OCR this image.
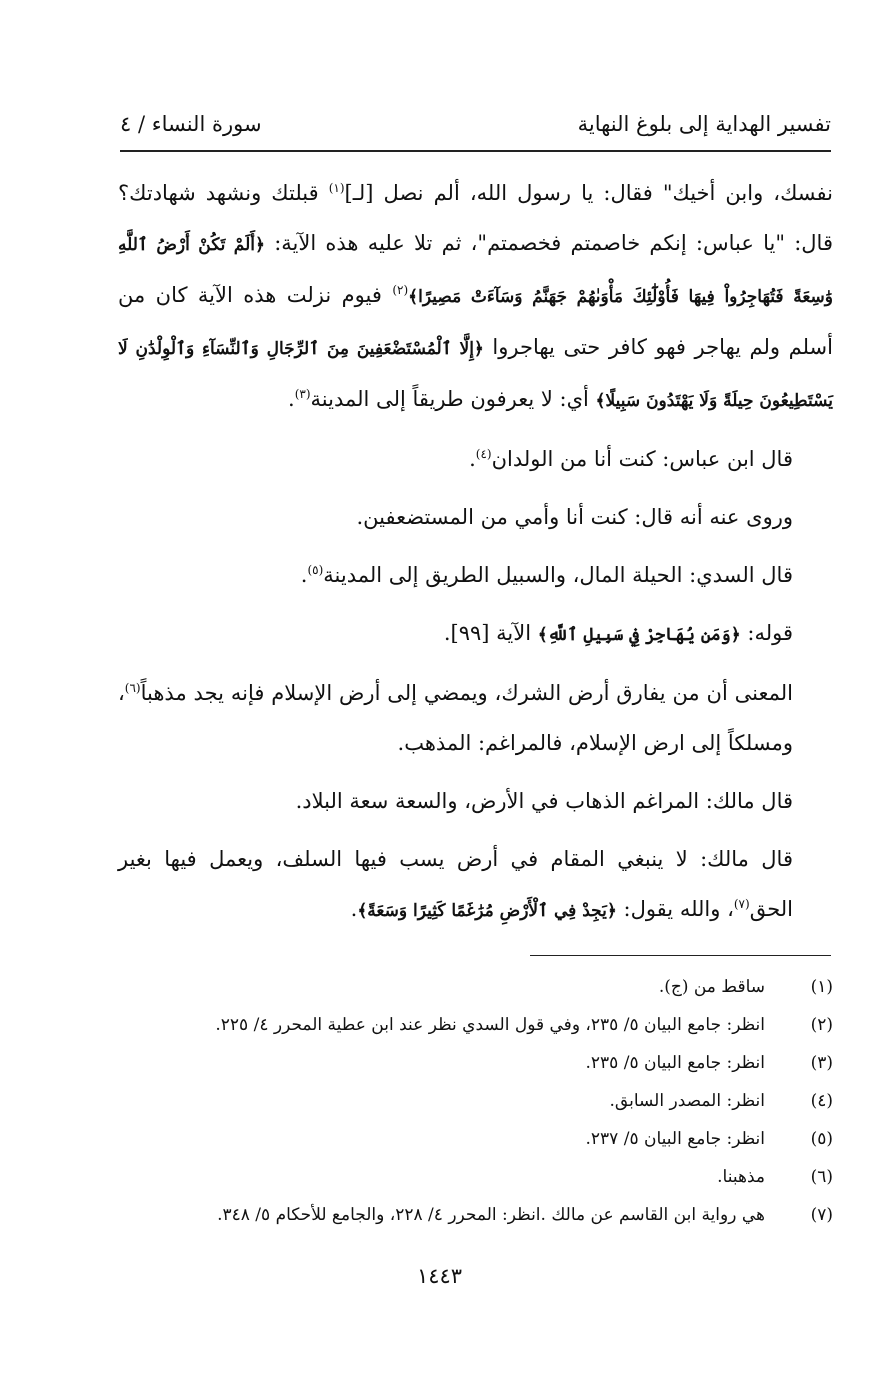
تفسير الهداية إلى بلوغ النهاية
سورة النساء / ٤

نفسك، وابن أخيك" فقال: يا رسول الله، ألم نصل [لـ]$^{(١)}$ قبلتك ونشهد شهادتك؟ قال: "يا عباس: إنكم خاصمتم فخصمتم"، ثم تلا عليه هذه الآية: ﴿أَلَمْ تَكُنْ أَرْضُ ٱللَّهِ وَٰسِعَةً فَتُهَاجِرُواْ فِيهَا فَأُوْلَٰٓئِكَ مَأْوَىٰهُمْ جَهَنَّمُ وَسَآءَتْ مَصِيرًا﴾$^{(٢)}$ فيوم نزلت هذه الآية كان من أسلم ولم يهاجر فهو كافر حتى يهاجروا ﴿إِلَّا ٱلْمُسْتَضْعَفِينَ مِنَ ٱلرِّجَالِ وَٱلنِّسَآءِ وَٱلْوِلْدَٰنِ لَا يَسْتَطِيعُونَ حِيلَةً وَلَا يَهْتَدُونَ سَبِيلًا﴾ أي: لا يعرفون طريقاً إلى المدينة$^{(٣)}$.

قال ابن عباس: كنت أنا من الولدان$^{(٤)}$.

وروى عنه أنه قال: كنت أنا وأمي من المستضعفين.

قال السدي: الحيلة المال، والسبيل الطريق إلى المدينة$^{(٥)}$.

قوله: ﴿وَمَن يُهَاجِرْ فِي سَبِيلِ ٱللَّهِ﴾ الآية [٩٩].

المعنى أن من يفارق أرض الشرك، ويمضي إلى أرض الإسلام فإنه يجد مذهباً$^{(٦)}$، ومسلكاً إلى ارض الإسلام، فالمراغم: المذهب.

قال مالك: المراغم الذهاب في الأرض، والسعة سعة البلاد.

قال مالك: لا ينبغي المقام في أرض يسب فيها السلف، ويعمل فيها بغير الحق$^{(٧)}$، والله يقول: ﴿يَجِدْ فِي ٱلْأَرْضِ مُرَٰغَمًا كَثِيرًا وَسَعَةً﴾.

(١)
ساقط من (ج).
(٢)
انظر: جامع البيان ٥/ ٢٣٥، وفي قول السدي نظر عند ابن عطية المحرر ٤/ ٢٢٥.
(٣)
انظر: جامع البيان ٥/ ٢٣٥.
(٤)
انظر: المصدر السابق.
(٥)
انظر: جامع البيان ٥/ ٢٣٧.
(٦)
مذهبنا.
(٧)
هي رواية ابن القاسم عن مالك .انظر: المحرر ٤/ ٢٢٨، والجامع للأحكام ٥/ ٣٤٨.
١٤٤٣
